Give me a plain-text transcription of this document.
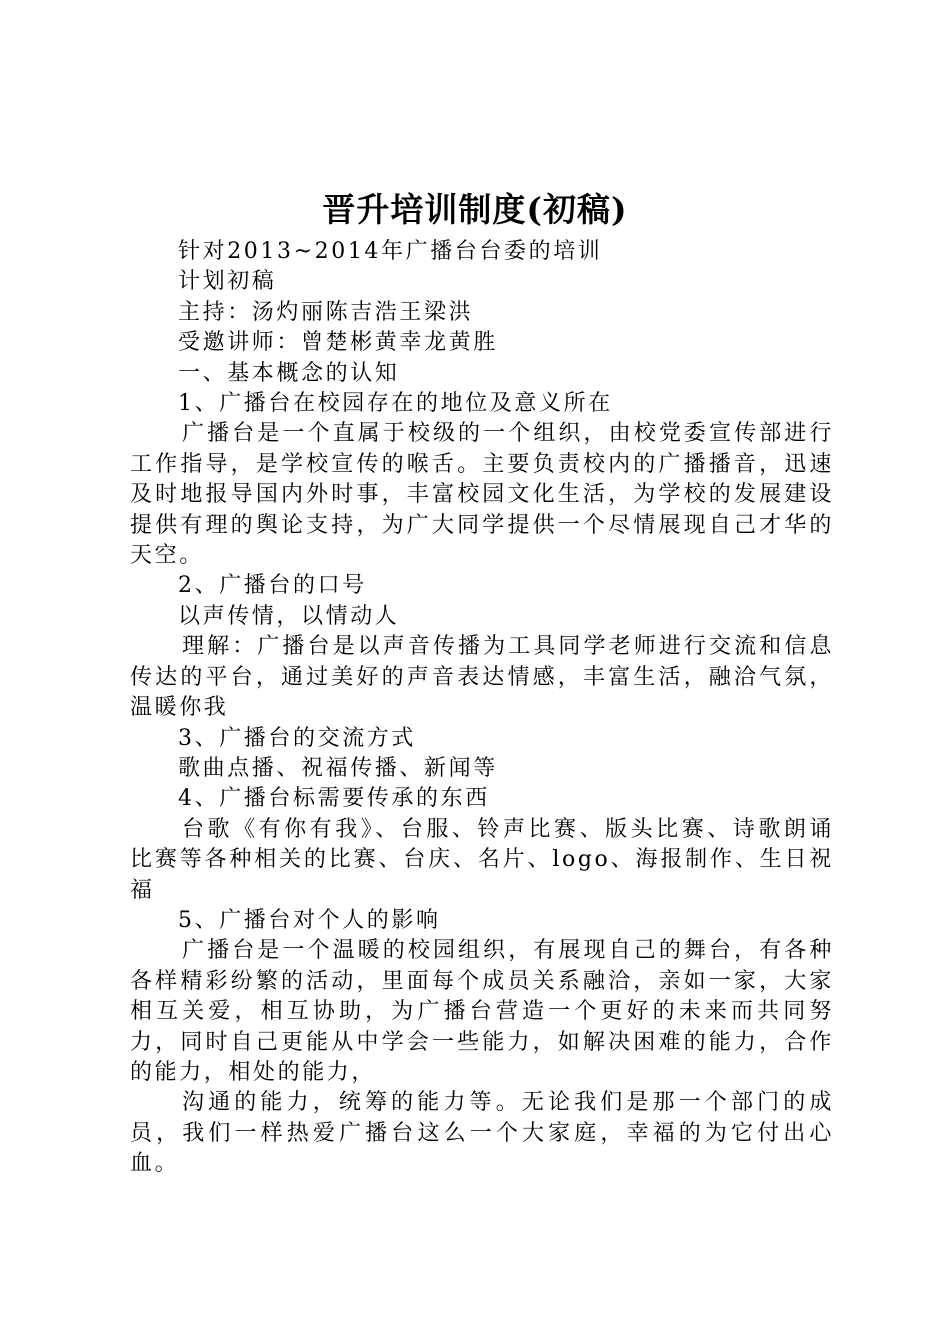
晋升培训制度(初稿)

针对2013~2014年广播台台委的培训

计划初稿

主持：汤灼丽陈吉浩王梁洪

受邀讲师：曾楚彬黄幸龙黄胜

一、基本概念的认知

1、广播台在校园存在的地位及意义所在

广播台是一个直属于校级的一个组织，由校党委宣传部进行工作指导，是学校宣传的喉舌。主要负责校内的广播播音，迅速及时地报导国内外时事，丰富校园文化生活，为学校的发展建设提供有理的舆论支持，为广大同学提供一个尽情展现自己才华的天空。

2、广播台的口号

以声传情，以情动人

理解：广播台是以声音传播为工具同学老师进行交流和信息传达的平台，通过美好的声音表达情感，丰富生活，融洽气氛，温暖你我

3、广播台的交流方式

歌曲点播、祝福传播、新闻等

4、广播台标需要传承的东西

台歌《有你有我》、台服、铃声比赛、版头比赛、诗歌朗诵比赛等各种相关的比赛、台庆、名片、logo、海报制作、生日祝福

5、广播台对个人的影响

广播台是一个温暖的校园组织，有展现自己的舞台，有各种各样精彩纷繁的活动，里面每个成员关系融洽，亲如一家，大家相互关爱，相互协助，为广播台营造一个更好的未来而共同努力，同时自己更能从中学会一些能力，如解决困难的能力，合作的能力，相处的能力，

沟通的能力，统筹的能力等。无论我们是那一个部门的成员，我们一样热爱广播台这么一个大家庭，幸福的为它付出心血。
